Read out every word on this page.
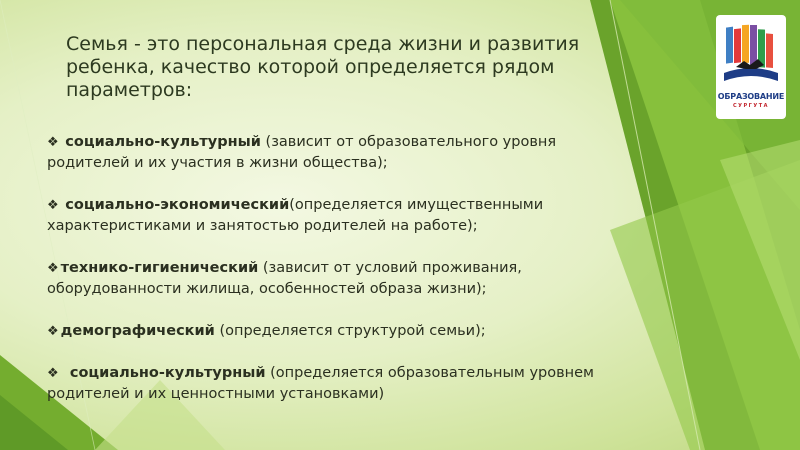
Семья - это персональная среда жизни и развития ребенка, качество которой определяется рядом параметров:

❖ социально-культурный (зависит от образовательного уровня родителей и их участия в жизни общества);

❖ социально-экономический(определяется имущественными характеристиками и занятостью родителей на работе);

❖ технико-гигиенический (зависит от условий проживания, оборудованности жилища, особенностей образа жизни);

❖ демографический (определяется структурой семьи);

❖ социально-культурный (определяется образовательным уровнем родителей и их ценностными установками)

ОБРАЗОВАНИЕ
СУРГУТА
